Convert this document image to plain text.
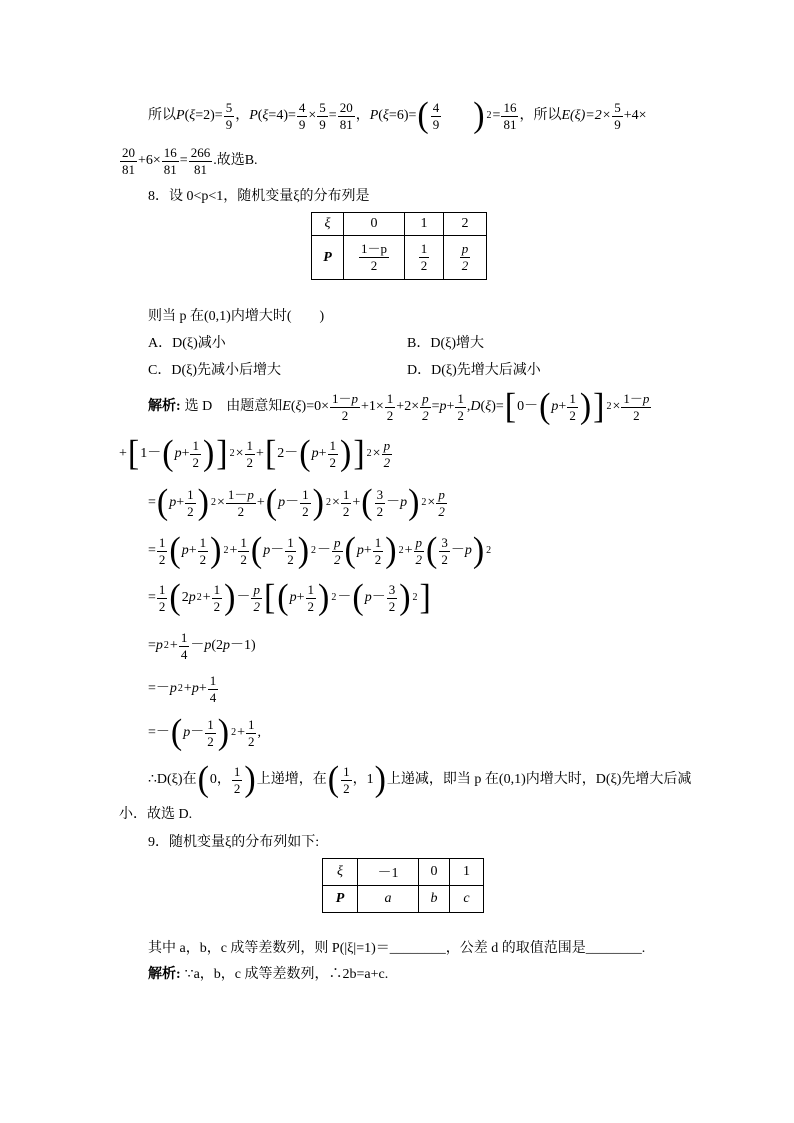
所以 P ( $\xi =2)= \frac{5}{9}$ ， P ( $\xi =4)= \frac{4}{9} \times \frac{5}{9} = \frac{20}{81}$ ， P ( ξ =6)= ( $\frac{4}{9}$ ) $2 = \frac{16}{81}$ ， 所以 $E(\xi)=2\times \frac{5}{9} +4\times$
$\frac{20}{81} +6\times \frac{16}{81} = \frac{266}{81}$ .故选B.
8．设 0<p<1，随机变量ξ的分布列是
ξ	0	1	2
P	$\frac{1-p}{2}$	$\frac{1}{2}$	$\frac{p}{2}$
则当 p 在(0,1)内增大时(　　)
A．D(ξ)减小	B．D(ξ)增大
C．D(ξ)先减小后增大	D．D(ξ)先增大后减小
解析: 选 D　由题意知 E ( ξ )$=0\times \frac{1-p}{2} +1\times \frac{1}{2} +2\times \frac{p}{2} = p + \frac{1}{2}$ , D ( ξ )= [ 0－ ( $p + \frac{1}{2}$ ) ] $2 \times \frac{1-p}{2}$
+ [ 1－ ( $p + \frac{1}{2}$ ) ] $2 \times \frac{1}{2}$ + [ 2－ ( $p + \frac{1}{2}$ ) ] $2 \times \frac{p}{2}$
= ( $p + \frac{1}{2}$ ) $2 \times \frac{1-p}{2}$ + ( $p - \frac{1}{2}$ ) $2 \times \frac{1}{2}$ + ( $\frac{3}{2} - p$ ) $2 \times \frac{p}{2}$
= $\frac{1}{2}$ ( $p + \frac{1}{2}$ ) $2 + \frac{1}{2}$ ( $p - \frac{1}{2}$ ) $2 - \frac{p}{2}$ ( $p + \frac{1}{2}$ ) $2 + \frac{p}{2}$ ( $\frac{3}{2} - p$ ) 2
= $\frac{1}{2}$ ( 2 p $2 + \frac{1}{2}$ ) － $\frac{p}{2}$ [ ( $p + \frac{1}{2}$ ) 2 － ( $p - \frac{3}{2}$ ) 2 ]
= p $2 + \frac{1}{4} - p$ (2 p －1)
=－ p $2 + p + \frac{1}{4}$
=－ ( $p - \frac{1}{2}$ ) $2 + \frac{1}{2}$ ,
∴D(ξ)在 ( 0， $\frac{1}{2}$ ) 上递增，在 ( $\frac{1}{2}$ ，1 ) 上递减，即当 p 在(0,1)内增大时，D(ξ)先增大后减
小．故选 D.
9．随机变量ξ的分布列如下:
ξ	－1	0	1
P	a	b	c
其中 a，b，c 成等差数列，则 P(|ξ|=1)＝________，公差 d 的取值范围是________.
解析: ∵a，b，c 成等差数列，∴2b=a+c.
